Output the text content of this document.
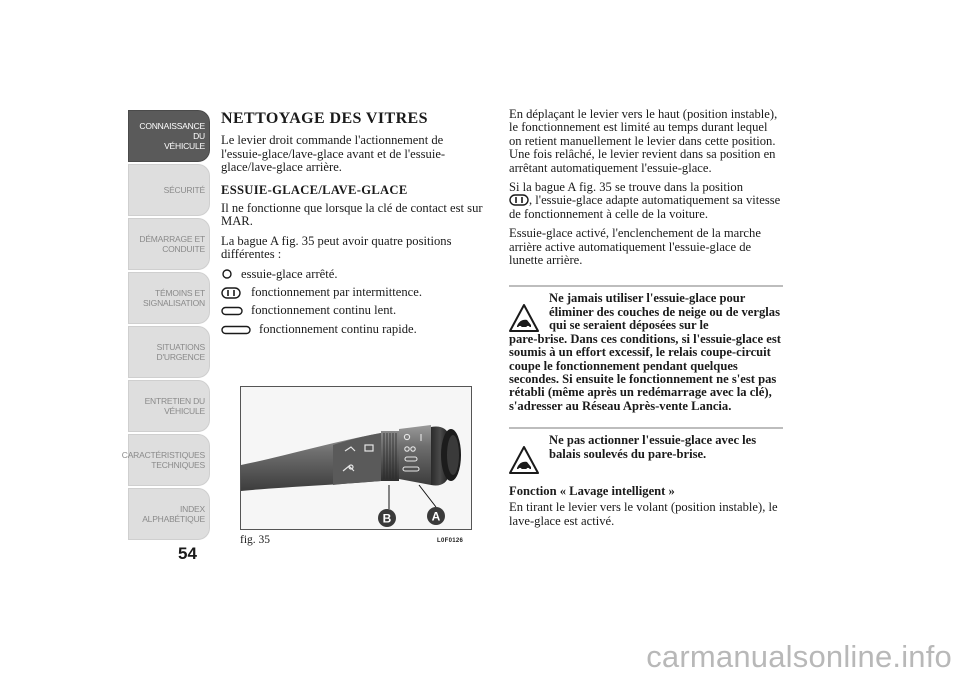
CONNAISSANCE DU
VÉHICULE
SÉCURITÉ
DÉMARRAGE ET
CONDUITE
TÉMOINS ET
SIGNALISATION
SITUATIONS
D'URGENCE
ENTRETIEN DU
VÉHICULE
CARACTÉRISTIQUES
TECHNIQUES
INDEX
ALPHABÉTIQUE
54
NETTOYAGE DES VITRES
Le levier droit commande l'actionnement de l'essuie-glace/lave-glace avant et de l'essuie-glace/lave-glace arrière.
ESSUIE-GLACE/LAVE-GLACE
Il ne fonctionne que lorsque la clé de contact est sur MAR.
La bague A fig. 35 peut avoir quatre positions différentes :
essuie-glace arrêté.
fonctionnement par intermittence.
fonctionnement continu lent.
fonctionnement continu rapide.
B	A
fig. 35	L0F0126
En déplaçant le levier vers le haut (position instable), le fonctionnement est limité au temps durant lequel on retient manuellement le levier dans cette position. Une fois relâché, le levier revient dans sa position en arrêtant automatiquement l'essuie-glace.
Si la bague A fig. 35 se trouve dans la position

, l'essuie-glace adapte automatiquement sa vitesse de fonctionnement à celle de la voiture.
Essuie-glace activé, l'enclenchement de la marche arrière active automatiquement l'essuie-glace de lunette arrière.

Ne jamais utiliser l'essuie-glace pour éliminer des couches de neige ou de verglas qui se seraient déposées sur le
pare-brise. Dans ces conditions, si l'essuie-glace est soumis à un effort excessif, le relais coupe-circuit coupe le fonctionnement pendant quelques secondes. Si ensuite le fonctionnement ne s'est pas rétabli (même après un redémarrage avec la clé), s'adresser au Réseau Après-vente Lancia.

Ne pas actionner l'essuie-glace avec les balais soulevés du pare-brise.

Fonction « Lavage intelligent »
En tirant le levier vers le volant (position instable), le lave-glace est activé.
carmanualsonline.info
